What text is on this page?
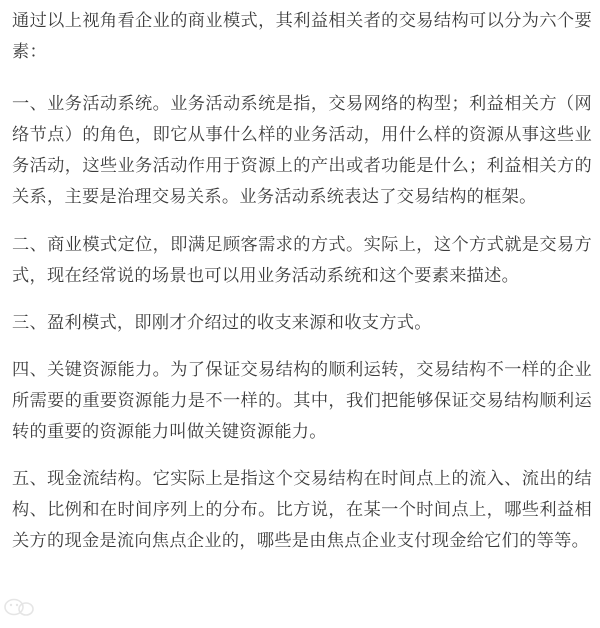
通过以上视角看企业的商业模式，其利益相关者的交易结构可以分为六个要素：

一、业务活动系统。业务活动系统是指，交易网络的构型；利益相关方（网络节点）的角色，即它从事什么样的业务活动，用什么样的资源从事这些业务活动，这些业务活动作用于资源上的产出或者功能是什么；利益相关方的关系，主要是治理交易关系。业务活动系统表达了交易结构的框架。

二、商业模式定位，即满足顾客需求的方式。实际上，这个方式就是交易方式，现在经常说的场景也可以用业务活动系统和这个要素来描述。

三、盈利模式，即刚才介绍过的收支来源和收支方式。

四、关键资源能力。为了保证交易结构的顺利运转，交易结构不一样的企业所需要的重要资源能力是不一样的。其中，我们把能够保证交易结构顺利运转的重要的资源能力叫做关键资源能力。

五、现金流结构。它实际上是指这个交易结构在时间点上的流入、流出的结构、比例和在时间序列上的分布。比方说，在某一个时间点上，哪些利益相关方的现金是流向焦点企业的，哪些是由焦点企业支付现金给它们的等等。
